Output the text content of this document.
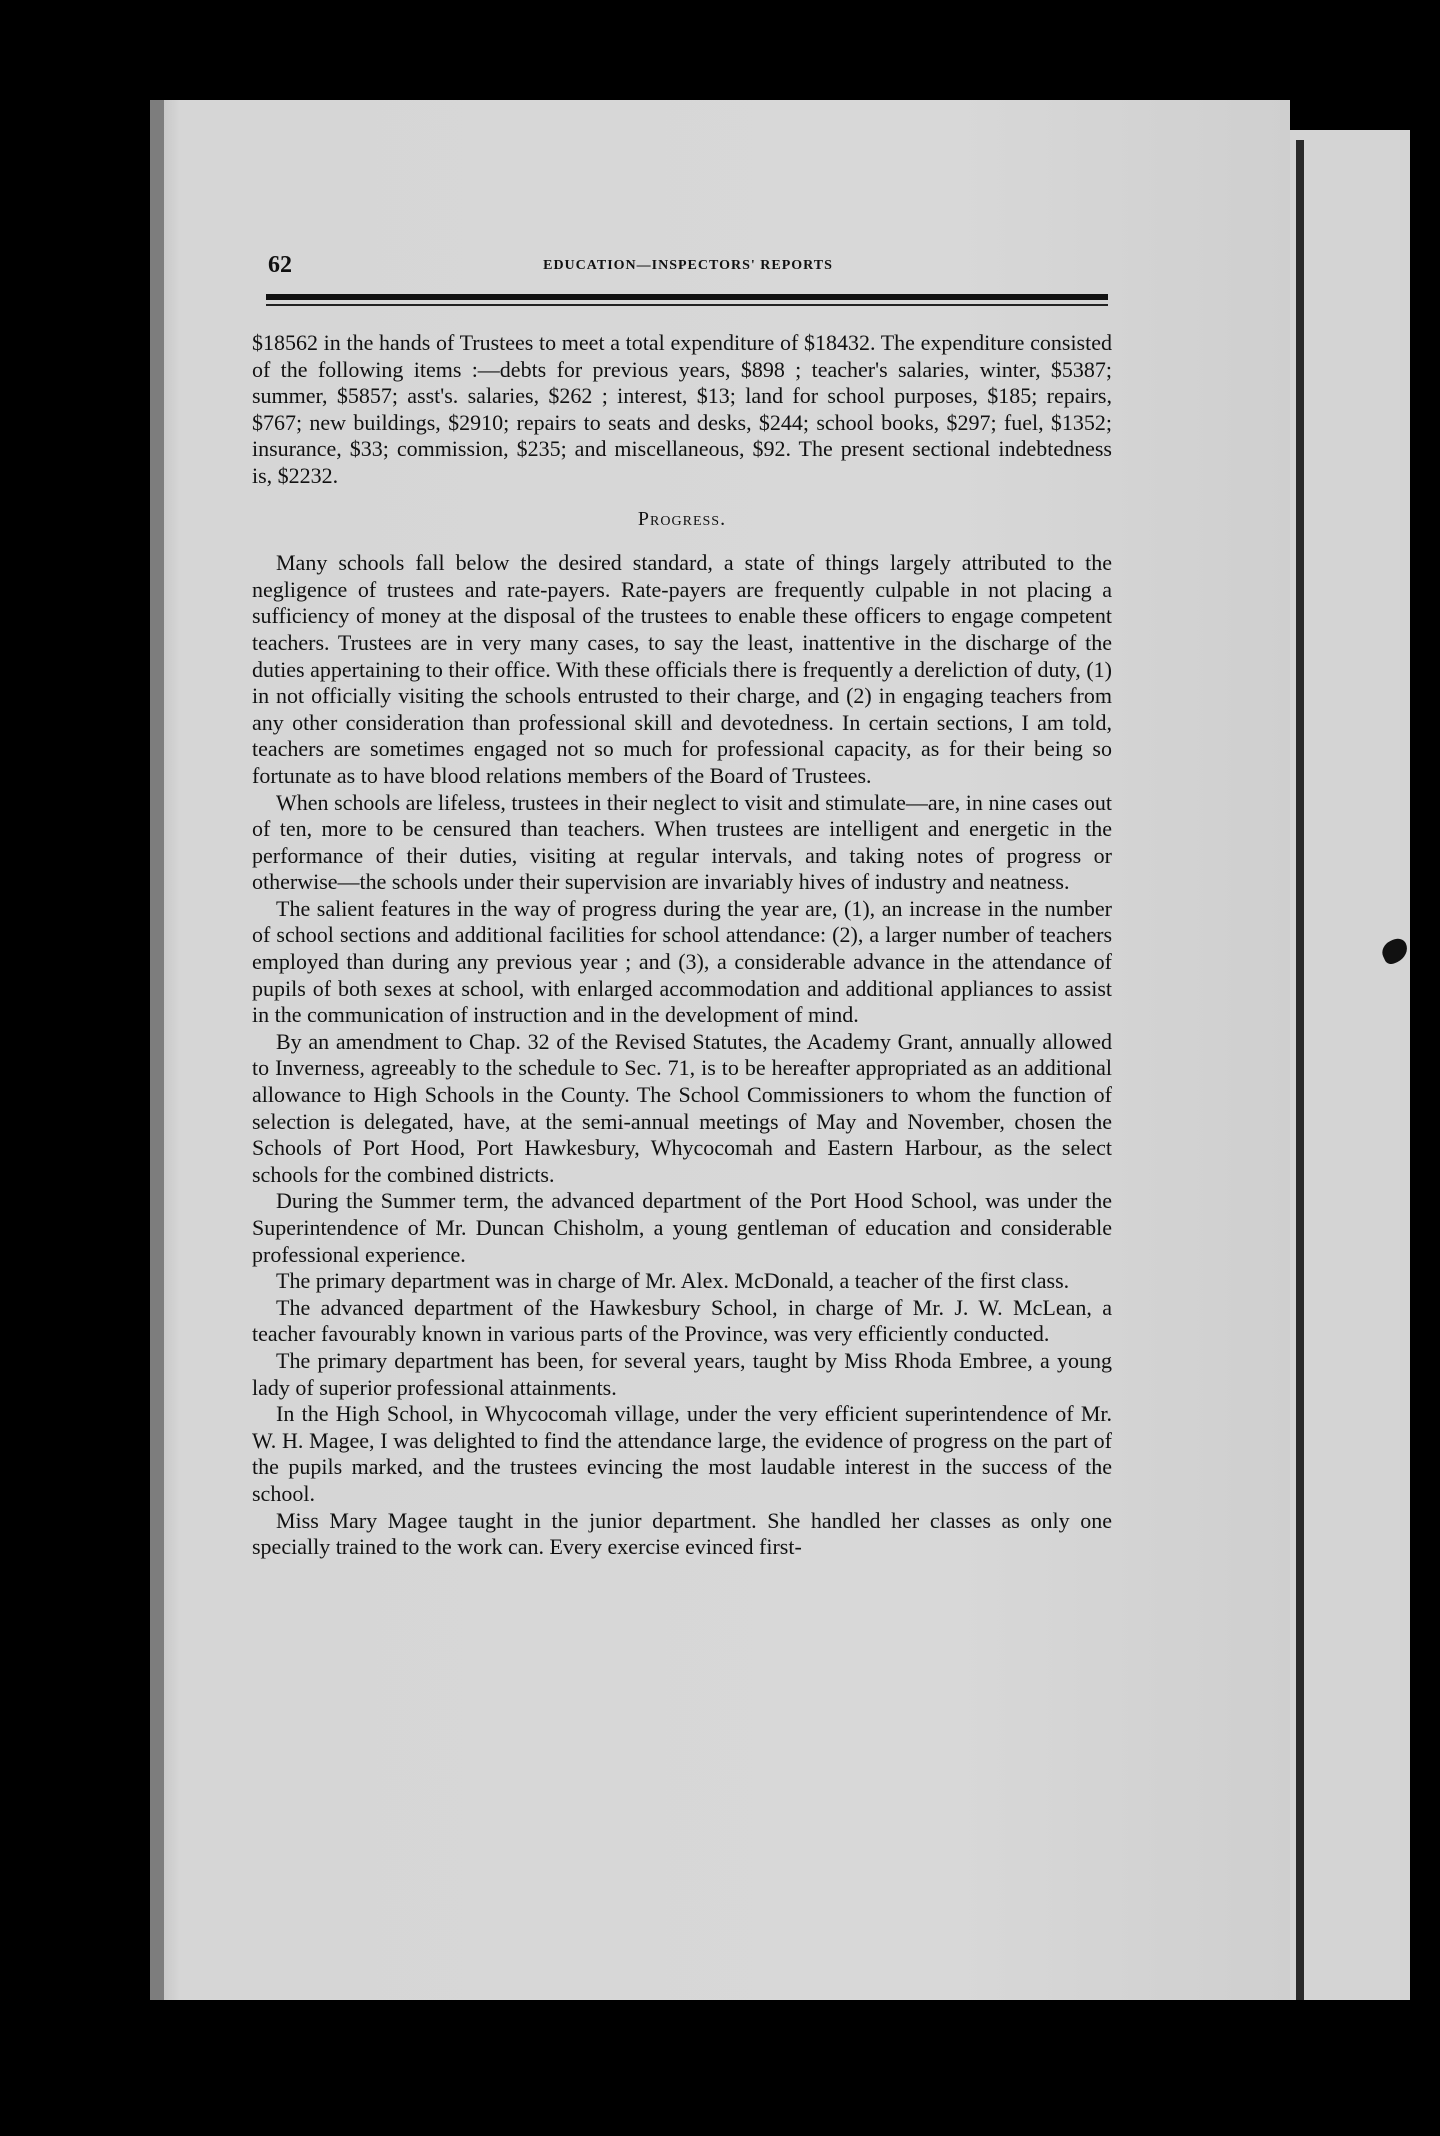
62	EDUCATION—INSPECTORS' REPORTS

$18562 in the hands of Trustees to meet a total expenditure of $18432. The expenditure consisted of the following items :—debts for previous years, $898 ; teacher's salaries, winter, $5387; summer, $5857; asst's. salaries, $262 ; interest, $13; land for school purposes, $185; repairs, $767; new buildings, $2910; repairs to seats and desks, $244; school books, $297; fuel, $1352; insurance, $33; commission, $235; and miscellaneous, $92. The present sectional indebtedness is, $2232.

Progress.

Many schools fall below the desired standard, a state of things largely attributed to the negligence of trustees and rate-payers. Rate-payers are frequently culpable in not placing a sufficiency of money at the disposal of the trustees to enable these officers to engage competent teachers. Trustees are in very many cases, to say the least, inattentive in the discharge of the duties appertaining to their office. With these officials there is frequently a dereliction of duty, (1) in not officially visiting the schools entrusted to their charge, and (2) in engaging teachers from any other consideration than professional skill and devotedness. In certain sections, I am told, teachers are sometimes engaged not so much for professional capacity, as for their being so fortunate as to have blood relations members of the Board of Trustees.

When schools are lifeless, trustees in their neglect to visit and stimulate—are, in nine cases out of ten, more to be censured than teachers. When trustees are intelligent and energetic in the performance of their duties, visiting at regular intervals, and taking notes of progress or otherwise—the schools under their supervision are invariably hives of industry and neatness.

The salient features in the way of progress during the year are, (1), an increase in the number of school sections and additional facilities for school attendance: (2), a larger number of teachers employed than during any previous year ; and (3), a considerable advance in the attendance of pupils of both sexes at school, with enlarged accommodation and additional appliances to assist in the communication of instruction and in the development of mind.

By an amendment to Chap. 32 of the Revised Statutes, the Academy Grant, annually allowed to Inverness, agreeably to the schedule to Sec. 71, is to be hereafter appropriated as an additional allowance to High Schools in the County. The School Commissioners to whom the function of selection is delegated, have, at the semi-annual meetings of May and November, chosen the Schools of Port Hood, Port Hawkesbury, Whycocomah and Eastern Harbour, as the select schools for the combined districts.

During the Summer term, the advanced department of the Port Hood School, was under the Superintendence of Mr. Duncan Chisholm, a young gentleman of education and considerable professional experience.

The primary department was in charge of Mr. Alex. McDonald, a teacher of the first class.

The advanced department of the Hawkesbury School, in charge of Mr. J. W. McLean, a teacher favourably known in various parts of the Province, was very efficiently conducted.

The primary department has been, for several years, taught by Miss Rhoda Embree, a young lady of superior professional attainments.

In the High School, in Whycocomah village, under the very efficient superintendence of Mr. W. H. Magee, I was delighted to find the attendance large, the evidence of progress on the part of the pupils marked, and the trustees evincing the most laudable interest in the success of the school.

Miss Mary Magee taught in the junior department. She handled her classes as only one specially trained to the work can. Every exercise evinced first-
